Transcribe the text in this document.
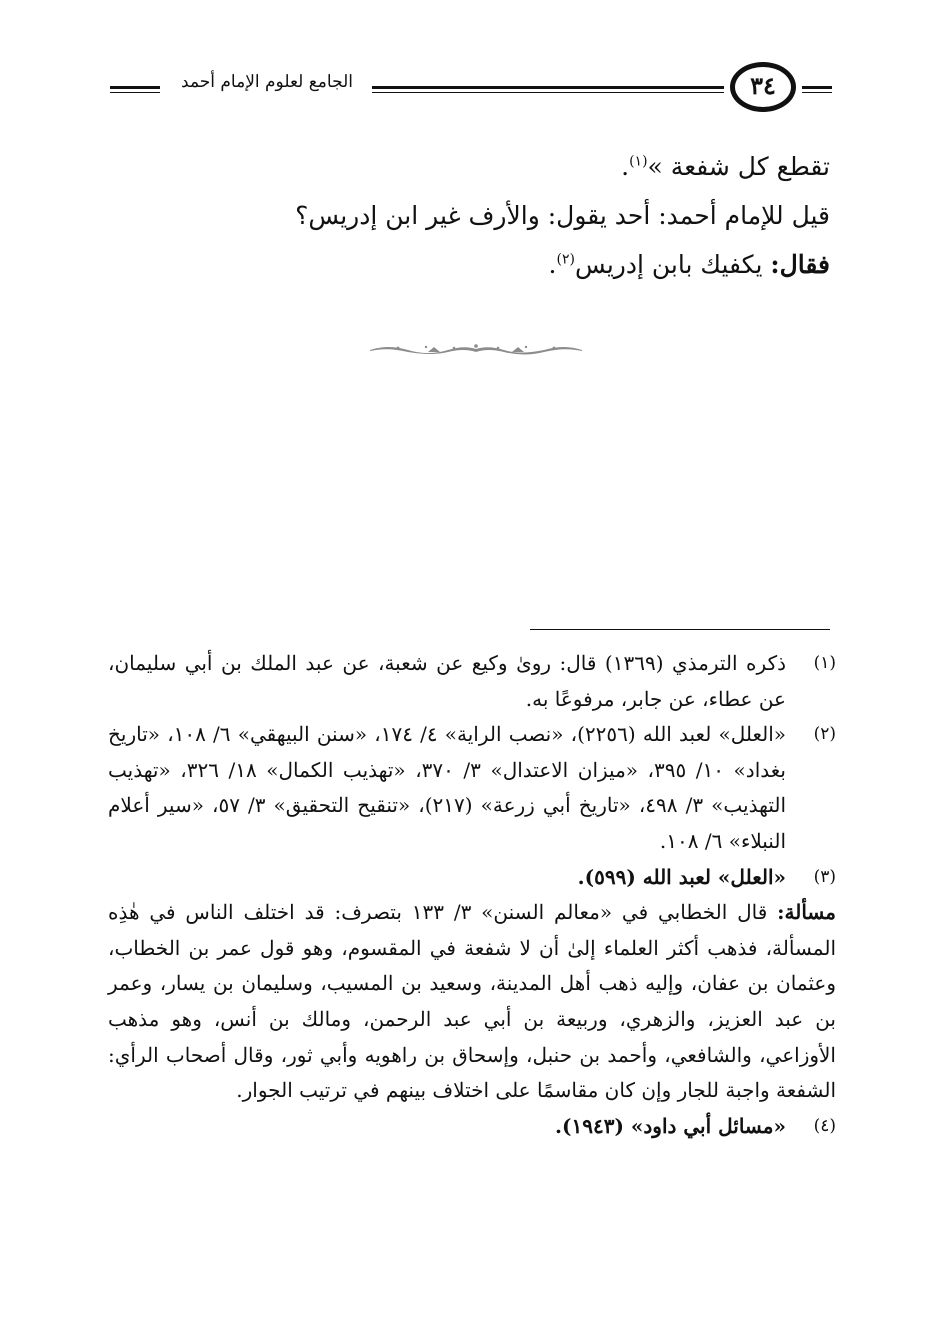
الجامع لعلوم الإمام أحمد	٣٤

تقطع كل شفعة »$^{(١)}$.

قيل للإمام أحمد: أحد يقول: والأرف غير ابن إدريس؟

فقال: يكفيك بابن إدريس$^{(٢)}$.

(١)
ذكره الترمذي (١٣٦٩) قال: رویٰ وكيع عن شعبة، عن عبد الملك بن أبي سليمان، عن عطاء، عن جابر، مرفوعًا به.
(٢)
«العلل» لعبد الله (٢٢٥٦)، «نصب الراية» ٤/ ١٧٤، «سنن البيهقي» ٦/ ١٠٨، «تاريخ بغداد» ١٠/ ٣٩٥، «ميزان الاعتدال» ٣/ ٣٧٠، «تهذيب الكمال» ١٨/ ٣٢٦، «تهذيب التهذيب» ٣/ ٤٩٨، «تاريخ أبي زرعة» (٢١٧)، «تنقيح التحقيق» ٣/ ٥٧، «سير أعلام النبلاء» ٦/ ١٠٨.
(٣)
«العلل» لعبد الله (٥٩٩).

مسألة: قال الخطابي في «معالم السنن» ٣/ ١٣٣ بتصرف: قد اختلف الناس في هٰذِه المسألة، فذهب أكثر العلماء إلىٰ أن لا شفعة في المقسوم، وهو قول عمر بن الخطاب، وعثمان بن عفان، وإليه ذهب أهل المدينة، وسعيد بن المسيب، وسليمان بن يسار، وعمر بن عبد العزيز، والزهري، وربيعة بن أبي عبد الرحمن، ومالك بن أنس، وهو مذهب الأوزاعي، والشافعي، وأحمد بن حنبل، وإسحاق بن راهويه وأبي ثور، وقال أصحاب الرأي: الشفعة واجبة للجار وإن كان مقاسمًا على اختلاف بينهم في ترتيب الجوار.

(٤)
«مسائل أبي داود» (١٩٤٣).
